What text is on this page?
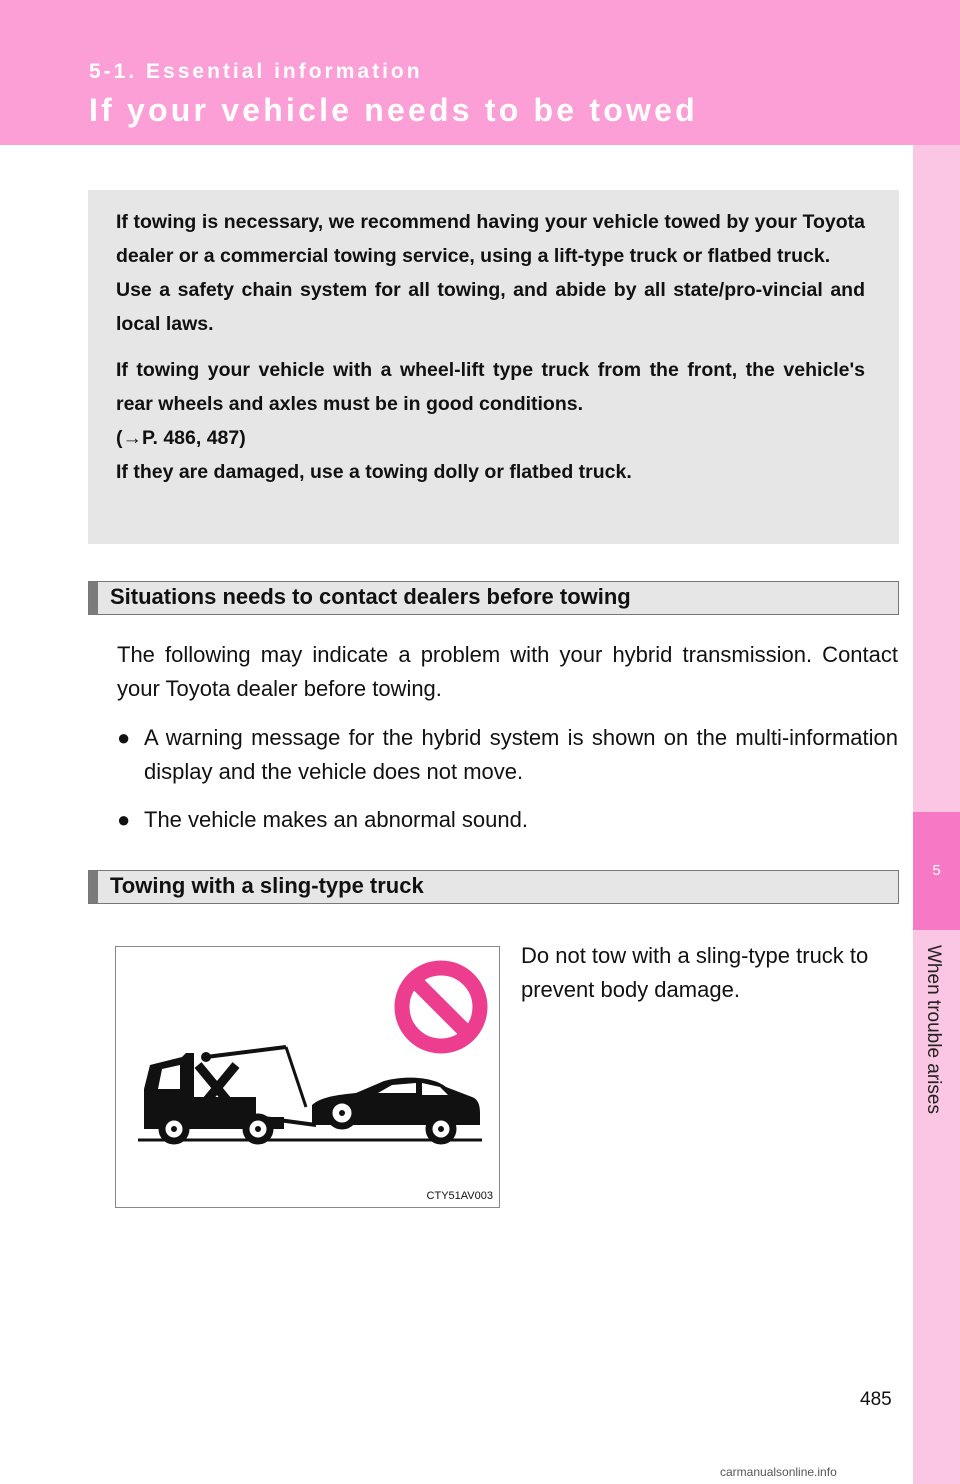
5-1. Essential information
If your vehicle needs to be towed
5
When trouble arises

If towing is necessary, we recommend having your vehicle towed by your Toyota dealer or a commercial towing service, using a lift-type truck or flatbed truck.

Use a safety chain system for all towing, and abide by all state/pro-vincial and local laws.

If towing your vehicle with a wheel-lift type truck from the front, the vehicle's rear wheels and axles must be in good conditions.

(→P. 486, 487)

If they are damaged, use a towing dolly or flatbed truck.

Situations needs to contact dealers before towing

The following may indicate a problem with your hybrid transmission. Contact your Toyota dealer before towing.

● A warning message for the hybrid system is shown on the multi-information display and the vehicle does not move.
● The vehicle makes an abnormal sound.
Towing with a sling-type truck
CTY51AV003

Do not tow with a sling-type truck to prevent body damage.

485
carmanualsonline.info
